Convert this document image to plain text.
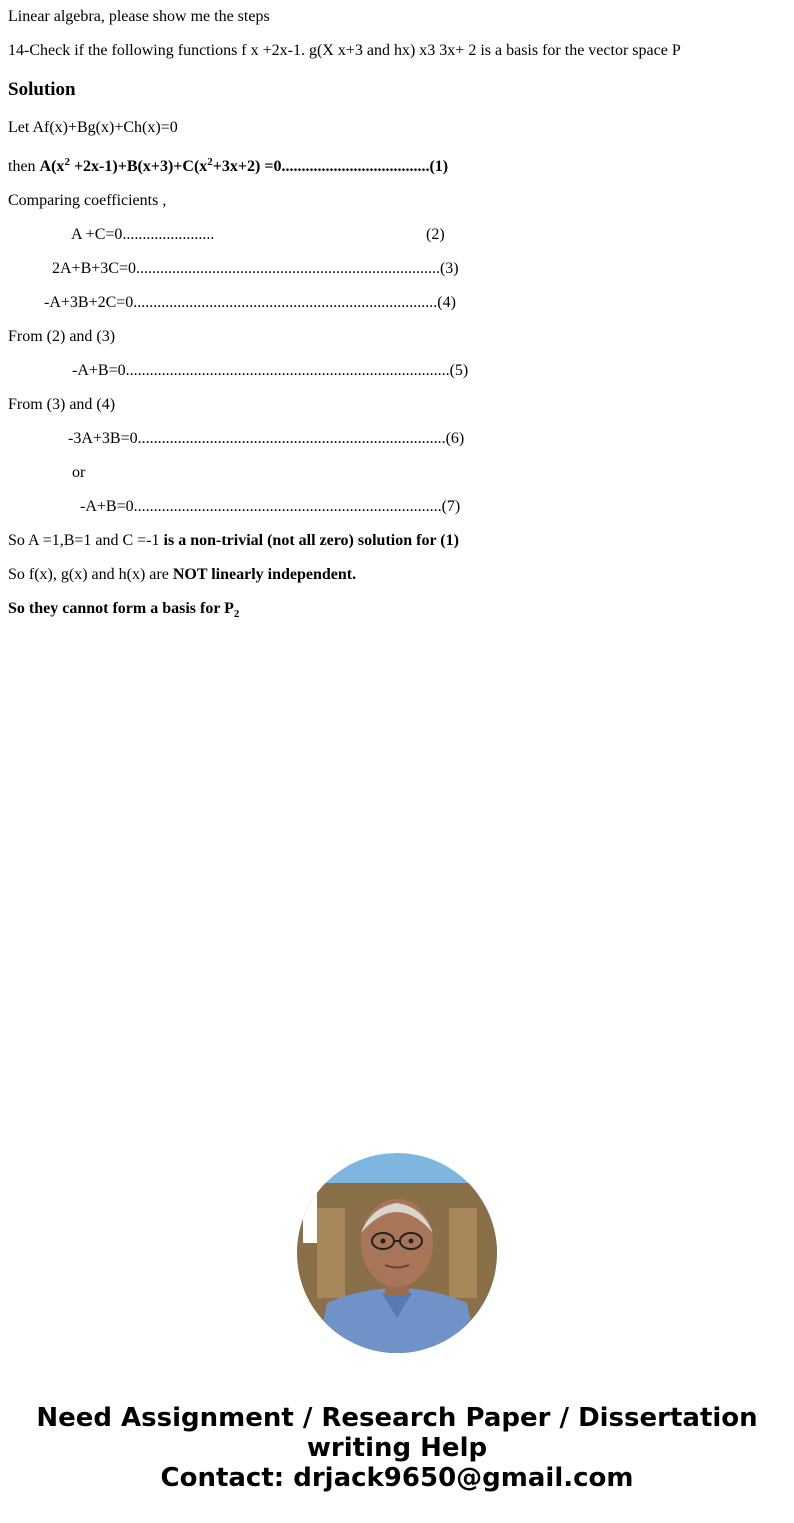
Linear algebra, please show me the steps
14-Check if the following functions f x +2x-1. g(X x+3 and hx) x3 3x+ 2 is a basis for the vector space P
Solution
Let Af(x)+Bg(x)+Ch(x)=0
then $A(x^2 +2x-1)+B(x+3)+C(x^2+3x+2) =0.....................................(1)$
Comparing coefficients ,
A +C=0.......................	(2)
2A+B+3C=0............................................................................(3)
-A+3B+2C=0............................................................................(4)
From (2) and (3)
-A+B=0.................................................................................(5)
From (3) and (4)
-3A+3B=0.............................................................................(6)
or
-A+B=0.............................................................................(7)
So A =1,B=1 and C =-1 is a non-trivial (not all zero) solution for (1)
So f(x), g(x) and h(x) are NOT linearly independent.
So they cannot form a basis for $P_2$
Need Assignment / Research Paper / Dissertation
writing Help
Contact: drjack9650@gmail.com
